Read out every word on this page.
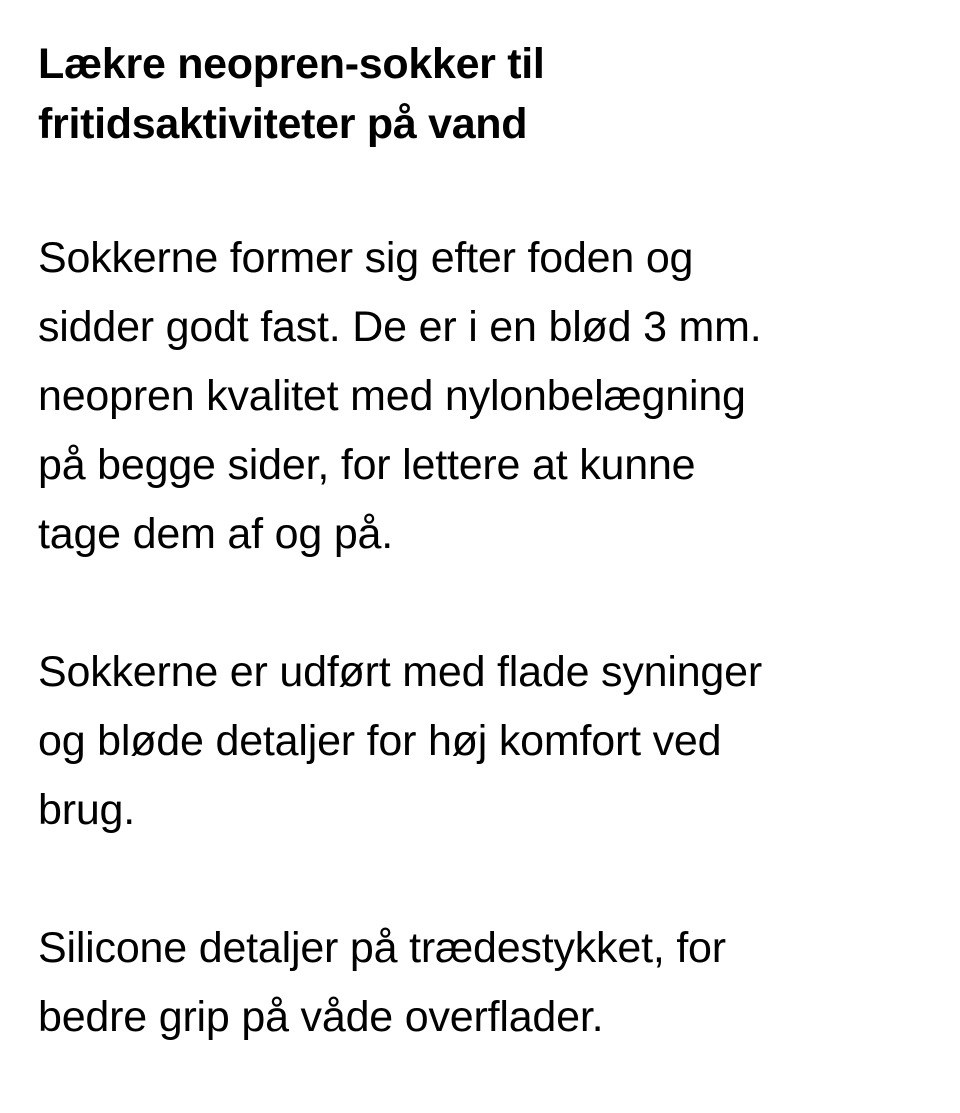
Lækre neopren-sokker til
fritidsaktiviteter på vand

Sokkerne former sig efter foden og
sidder godt fast. De er i en blød 3 mm.
neopren kvalitet med nylonbelægning
på begge sider, for lettere at kunne
tage dem af og på.

Sokkerne er udført med flade syninger
og bløde detaljer for høj komfort ved
brug.

Silicone detaljer på trædestykket, for
bedre grip på våde overflader.
